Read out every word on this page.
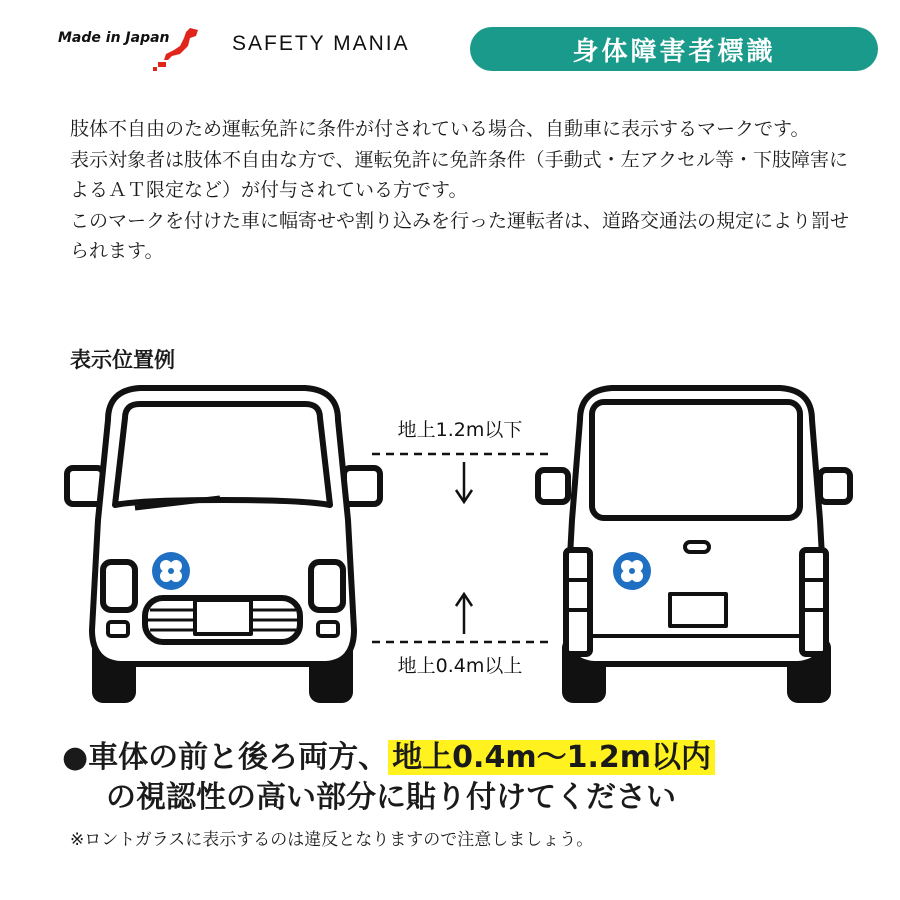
Made in Japan	SAFETY MANIA	身体障害者標識

肢体不自由のため運転免許に条件が付されている場合、自動車に表示するマークです。

表示対象者は肢体不自由な方で、運転免許に免許条件（手動式・左アクセル等・下肢障害によるＡＴ限定など）が付与されている方です。

このマークを付けた車に幅寄せや割り込みを行った運転者は、道路交通法の規定により罰せられます。

表示位置例
地上1.2m以下
地上0.4m以上
●車体の前と後ろ両方、 地上0.4m〜1.2m以内
の視認性の高い部分に貼り付けてください
※ロントガラスに表示するのは違反となりますので注意しましょう。
